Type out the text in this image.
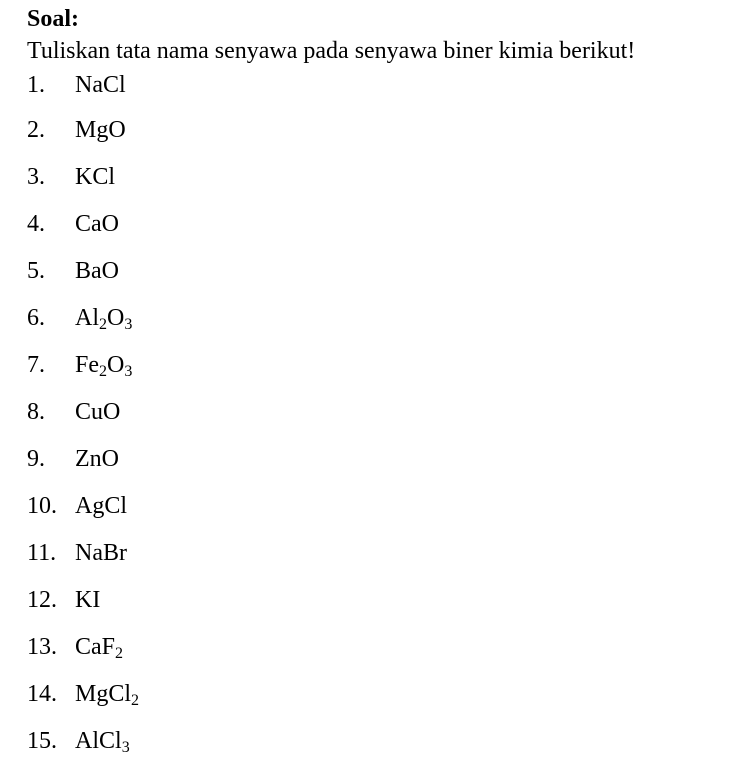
Soal:

Tuliskan tata nama senyawa pada senyawa biner kimia berikut!

1.	NaCl
2.	MgO
3.	KCl
4.	CaO
5.	BaO
6.	$Al_2O_3$
7.	$Fe_2O_3$
8.	CuO
9.	ZnO
10. AgCl
11. NaBr
12. KI
13. CaF$_2$
14. MgCl$_2$
15. AlCl$_3$
